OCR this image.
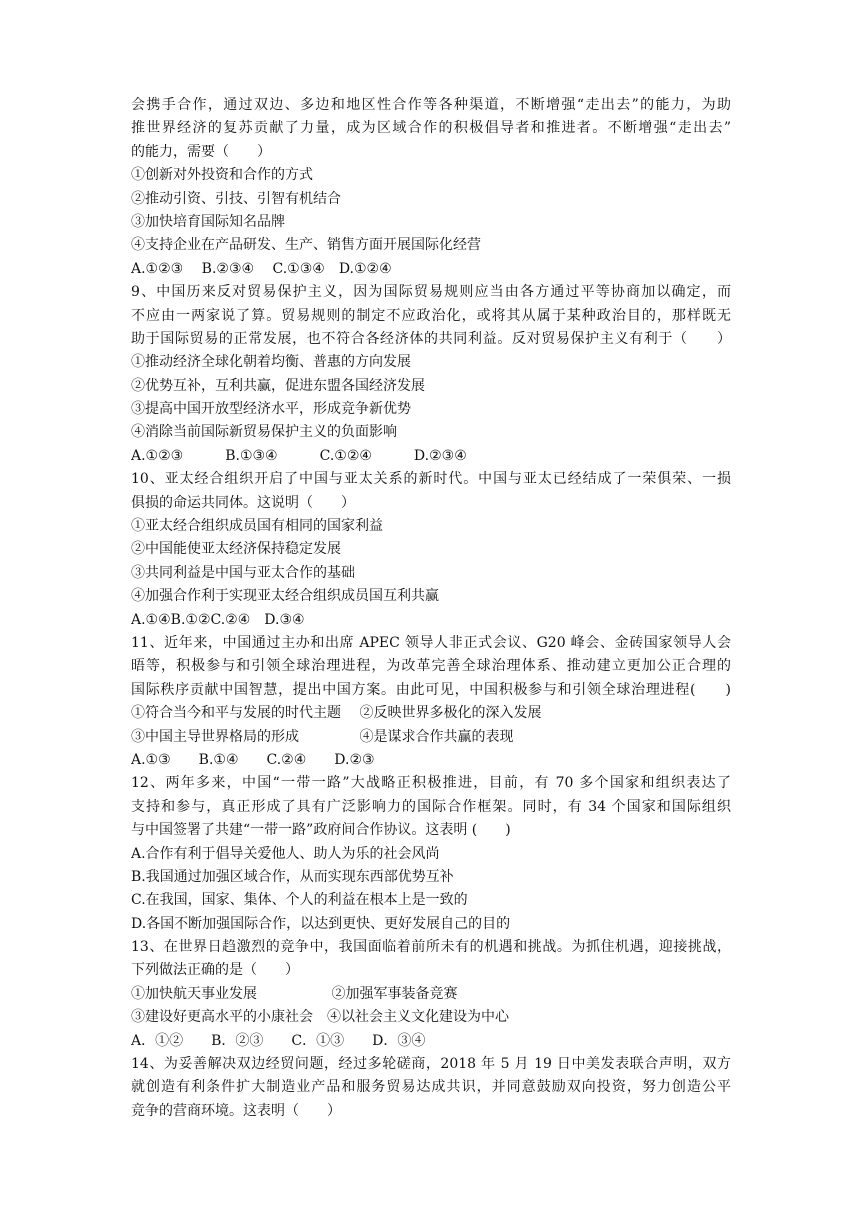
会携手合作，通过双边、多边和地区性合作等各种渠道，不断增强“走出去”的能力，为助
推世界经济的复苏贡献了力量，成为区域合作的积极倡导者和推进者。不断增强“走出去”
的能力，需要（　　）
①创新对外投资和合作的方式
②推动引资、引技、引智有机结合
③加快培育国际知名品牌
④支持企业在产品研发、生产、销售方面开展国际化经营
A.①②③　 B.②③④　 C.①③④　D.①②④
9、中国历来反对贸易保护主义，因为国际贸易规则应当由各方通过平等协商加以确定，而
不应由一两家说了算。贸易规则的制定不应政治化，或将其从属于某种政治目的，那样既无
助于国际贸易的正常发展，也不符合各经济体的共同利益。反对贸易保护主义有利于（　　）
①推动经济全球化朝着均衡、普惠的方向发展
②优势互补，互利共赢，促进东盟各国经济发展
③提高中国开放型经济水平，形成竞争新优势
④消除当前国际新贸易保护主义的负面影响
A.①②③　　　B.①③④　　　C.①②④　　　D.②③④
10、亚太经合组织开启了中国与亚太关系的新时代。中国与亚太已经结成了一荣俱荣、一损
俱损的命运共同体。这说明（　　）
①亚太经合组织成员国有相同的国家利益
②中国能使亚太经济保持稳定发展
③共同利益是中国与亚太合作的基础
④加强合作利于实现亚太经合组织成员国互利共赢
A.①④B.①②C.②④　D.③④
11、近年来，中国通过主办和出席 APEC 领导人非正式会议、G20 峰会、金砖国家领导人会
晤等，积极参与和引领全球治理进程，为改革完善全球治理体系、推动建立更加公正合理的
国际秩序贡献中国智慧，提出中国方案。由此可见，中国积极参与和引领全球治理进程(　　)
①符合当今和平与发展的时代主题　 ②反映世界多极化的深入发展
③中国主导世界格局的形成　　　　 ④是谋求合作共赢的表现
A.①③　　B.①④　　C.②④　　D.②③
12、两年多来，中国“一带一路”大战略正积极推进，目前，有 70 多个国家和组织表达了
支持和参与，真正形成了具有广泛影响力的国际合作框架。同时，有 34 个国家和国际组织
与中国签署了共建“一带一路”政府间合作协议。这表明 (　　)
A.合作有利于倡导关爱他人、助人为乐的社会风尚
B.我国通过加强区域合作，从而实现东西部优势互补
C.在我国，国家、集体、个人的利益在根本上是一致的
D.各国不断加强国际合作，以达到更快、更好发展自己的目的
13、在世界日趋激烈的竞争中，我国面临着前所未有的机遇和挑战。为抓住机遇，迎接挑战，
下列做法正确的是（　　）
①加快航天事业发展　　　　　 ②加强军事装备竞赛
③建设好更高水平的小康社会　④以社会主义文化建设为中心
A．①②　　B．②③　　C．①③　　D．③④
14、为妥善解决双边经贸问题，经过多轮磋商，2018 年 5 月 19 日中美发表联合声明，双方
就创造有利条件扩大制造业产品和服务贸易达成共识，并同意鼓励双向投资，努力创造公平
竞争的营商环境。这表明（　　）
